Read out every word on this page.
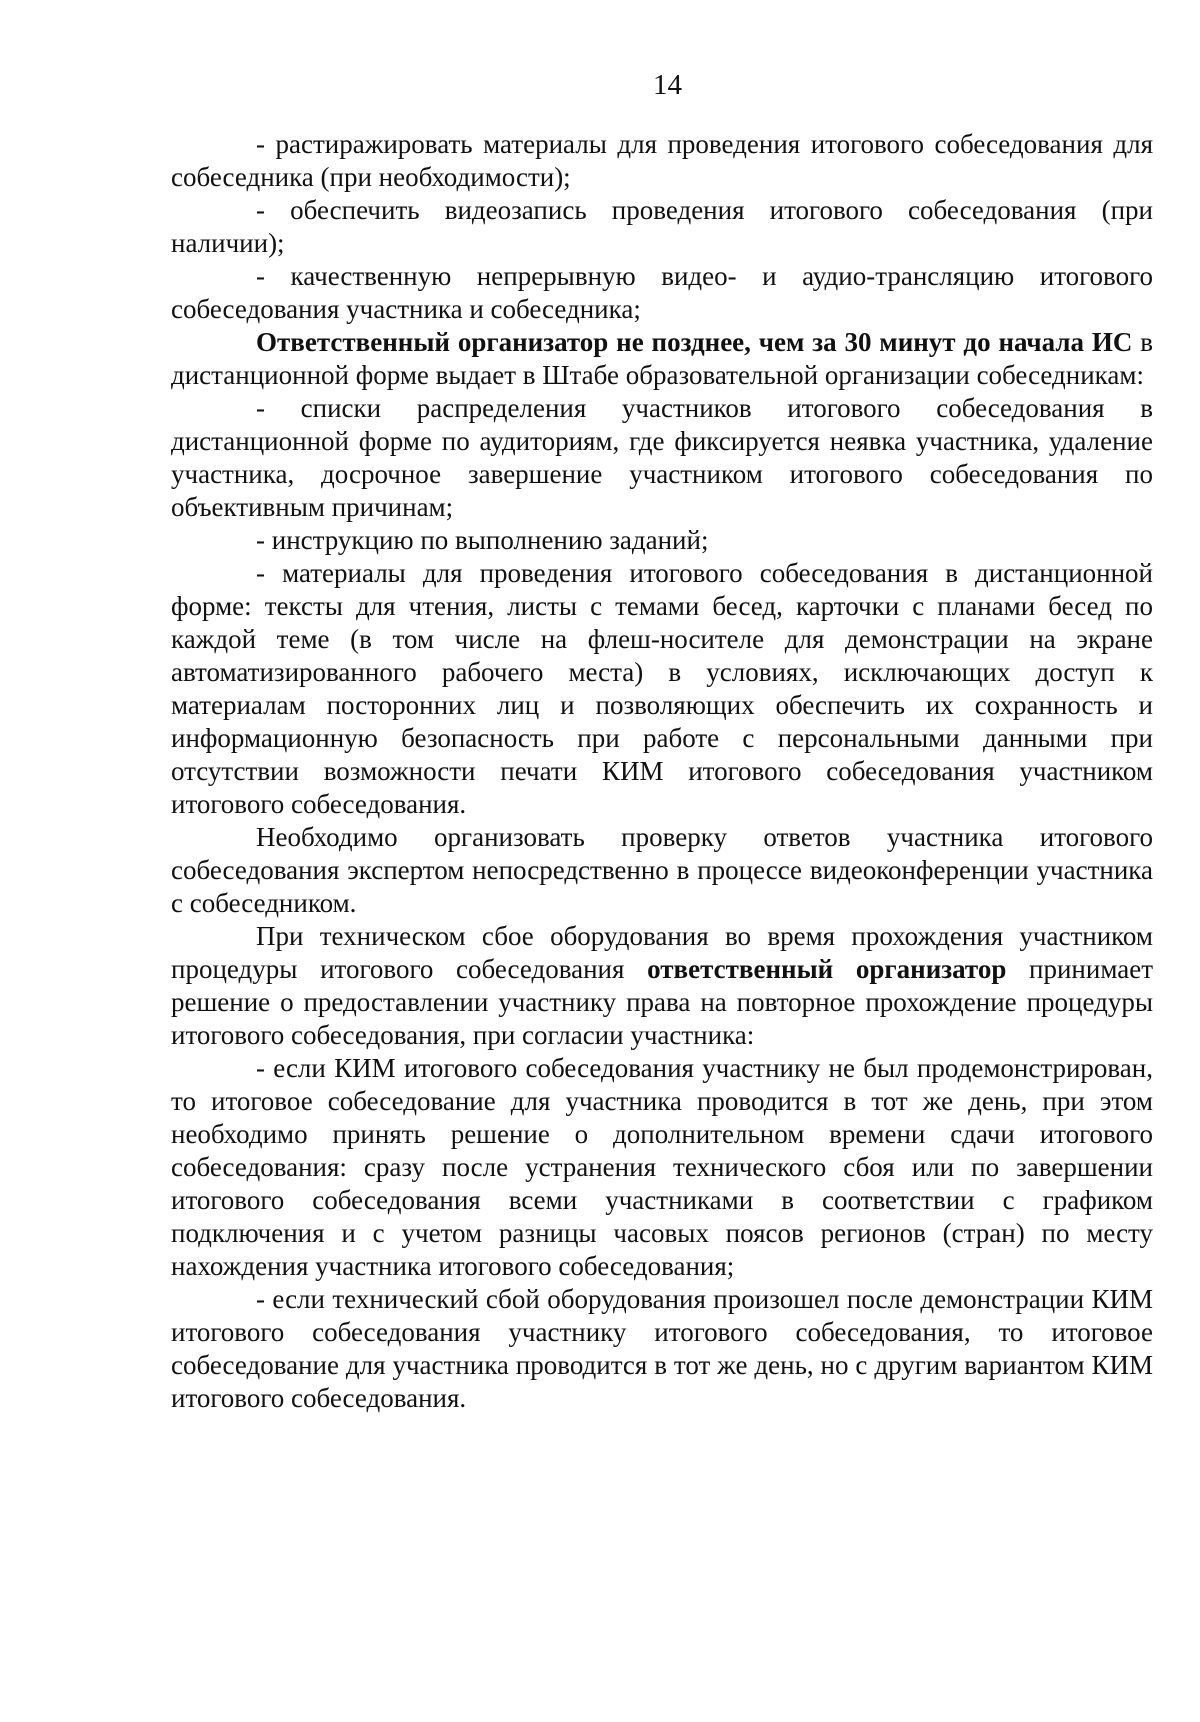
14

- растиражировать материалы для проведения итогового собеседования для собеседника (при необходимости);

- обеспечить видеозапись проведения итогового собеседования (при наличии);

- качественную непрерывную видео- и аудио-трансляцию итогового собеседования участника и собеседника;

Ответственный организатор не позднее, чем за 30 минут до начала ИС в дистанционной форме выдает в Штабе образовательной организации собеседникам:

- списки распределения участников итогового собеседования в дистанционной форме по аудиториям, где фиксируется неявка участника, удаление участника, досрочное завершение участником итогового собеседования по объективным причинам;

- инструкцию по выполнению заданий;

- материалы для проведения итогового собеседования в дистанционной форме: тексты для чтения, листы с темами бесед, карточки с планами бесед по каждой теме (в том числе на флеш-носителе для демонстрации на экране автоматизированного рабочего места) в условиях, исключающих доступ к материалам посторонних лиц и позволяющих обеспечить их сохранность и информационную безопасность при работе с персональными данными при отсутствии возможности печати КИМ итогового собеседования участником итогового собеседования.

Необходимо организовать проверку ответов участника итогового собеседования экспертом непосредственно в процессе видеоконференции участника с собеседником.

При техническом сбое оборудования во время прохождения участником процедуры итогового собеседования ответственный организатор принимает решение о предоставлении участнику права на повторное прохождение процедуры итогового собеседования, при согласии участника:

- если КИМ итогового собеседования участнику не был продемонстрирован, то итоговое собеседование для участника проводится в тот же день, при этом необходимо принять решение о дополнительном времени сдачи итогового собеседования: сразу после устранения технического сбоя или по завершении итогового собеседования всеми участниками в соответствии с графиком подключения и с учетом разницы часовых поясов регионов (стран) по месту нахождения участника итогового собеседования;

- если технический сбой оборудования произошел после демонстрации КИМ итогового собеседования участнику итогового собеседования, то итоговое собеседование для участника проводится в тот же день, но с другим вариантом КИМ итогового собеседования.
